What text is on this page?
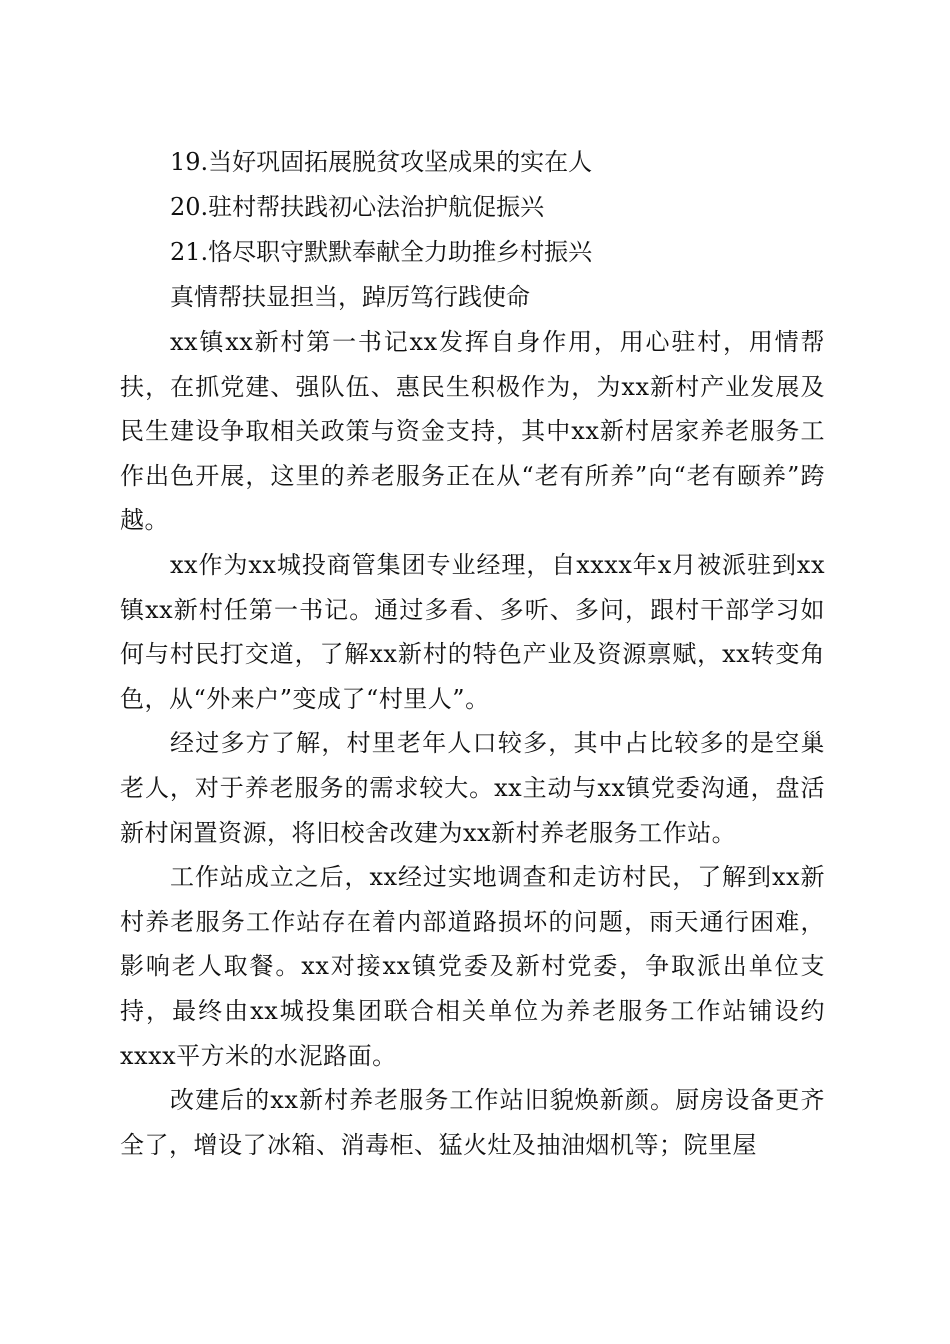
19.当好巩固拓展脱贫攻坚成果的实在人
20.驻村帮扶践初心法治护航促振兴
21.恪尽职守默默奉献全力助推乡村振兴
真情帮扶显担当，踔厉笃行践使命

xx镇xx新村第一书记xx发挥自身作用，用心驻村，用情帮扶，在抓党建、强队伍、惠民生积极作为，为xx新村产业发展及民生建设争取相关政策与资金支持，其中xx新村居家养老服务工作出色开展，这里的养老服务正在从“老有所养”向“老有颐养”跨越。

xx作为xx城投商管集团专业经理，自xxxx年x月被派驻到xx镇xx新村任第一书记。通过多看、多听、多问，跟村干部学习如何与村民打交道，了解xx新村的特色产业及资源禀赋，xx转变角色，从“外来户”变成了“村里人”。

经过多方了解，村里老年人口较多，其中占比较多的是空巢老人，对于养老服务的需求较大。xx主动与xx镇党委沟通，盘活新村闲置资源，将旧校舍改建为xx新村养老服务工作站。

工作站成立之后，xx经过实地调查和走访村民，了解到xx新村养老服务工作站存在着内部道路损坏的问题，雨天通行困难，影响老人取餐。xx对接xx镇党委及新村党委，争取派出单位支持，最终由xx城投集团联合相关单位为养老服务工作站铺设约xxxx平方米的水泥路面。

改建后的xx新村养老服务工作站旧貌焕新颜。厨房设备更齐全了，增设了冰箱、消毒柜、猛火灶及抽油烟机等；院里屋
